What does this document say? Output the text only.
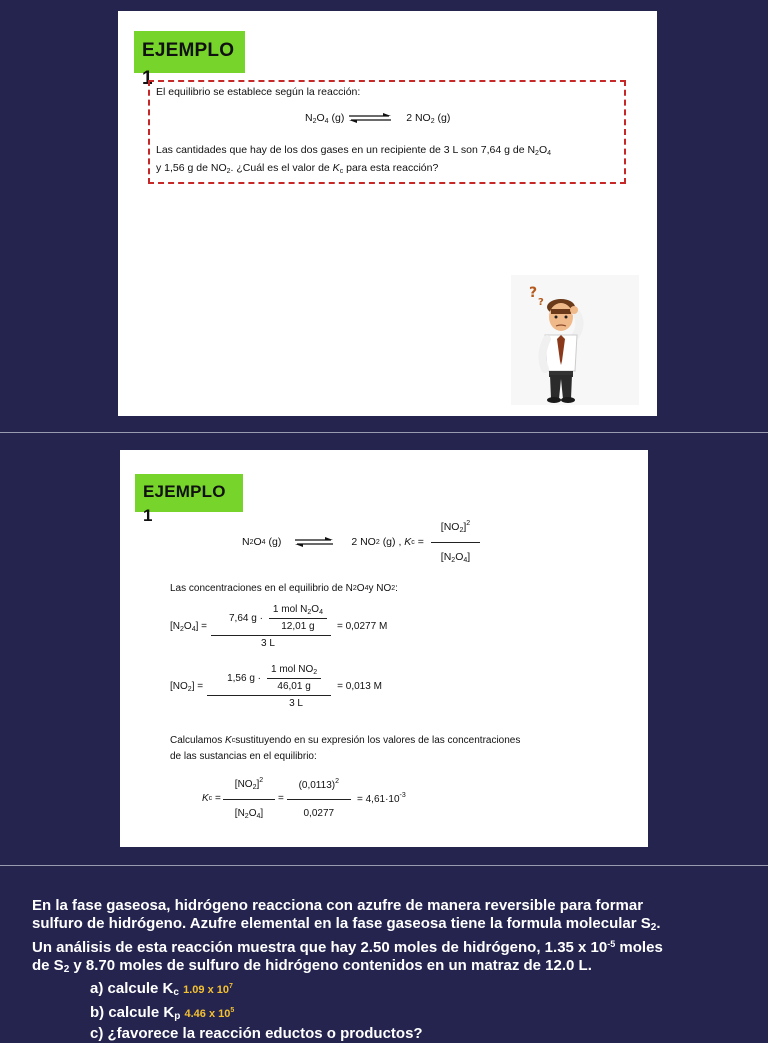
EJEMPLO 1
El equilibrio se establece según la reacción:
$N_2O_4$ (g)	2 $NO_2$ (g)
Las cantidades que hay de los dos gases en un recipiente de 3 L son 7,64 g de $N_2O_4$
y 1,56 g de $NO_2$. ¿Cuál es el valor de $K_c$ para esta reacción?
?
?
EJEMPLO 1
N 2 O 4
(g) ⇌ 2 NO 2
(g) ,
K c
=
$\frac{[NO_2]^2}{[N_2O_4]}$
Las concentraciones en el equilibrio de N 2 O 4 y NO 2 :
$[N_2O_4] = \frac{7,64 g \cdot \frac{1 mol N_2O_4}{12,01 g}}{3 L} = 0,0277$ M
$[NO_2] = \frac{1,56 g \cdot \frac{1 mol NO_2}{46,01 g}}{3 L} = 0,013$ M
Calculamos
K c sustituyendo en su expresión los valores de las concentraciones
de las sustancias en el equilibrio:
K c
= $\frac{[NO_2]^2}{[N_2O_4]}$
=
$\frac{(0,0113)^2}{0,0277} = 4,61\cdot 10^{-3}$
En la fase gaseosa, hidrógeno reacciona con azufre de manera reversible para formar
sulfuro de hidrógeno. Azufre elemental en la fase gaseosa tiene la formula molecular $S_2$.
Un análisis de esta reacción muestra que hay 2.50 moles de hidrógeno, 1.35 x $10^{-5}$ moles
de $S_2$ y 8.70 moles de sulfuro de hidrógeno contenidos en un matraz de 12.0 L.
a) calcule $K_c$ 1.09 x $10^7$
b) calcule $K_p$ 4.46 x $10^5$
c) ¿favorece la reacción eductos o productos?
